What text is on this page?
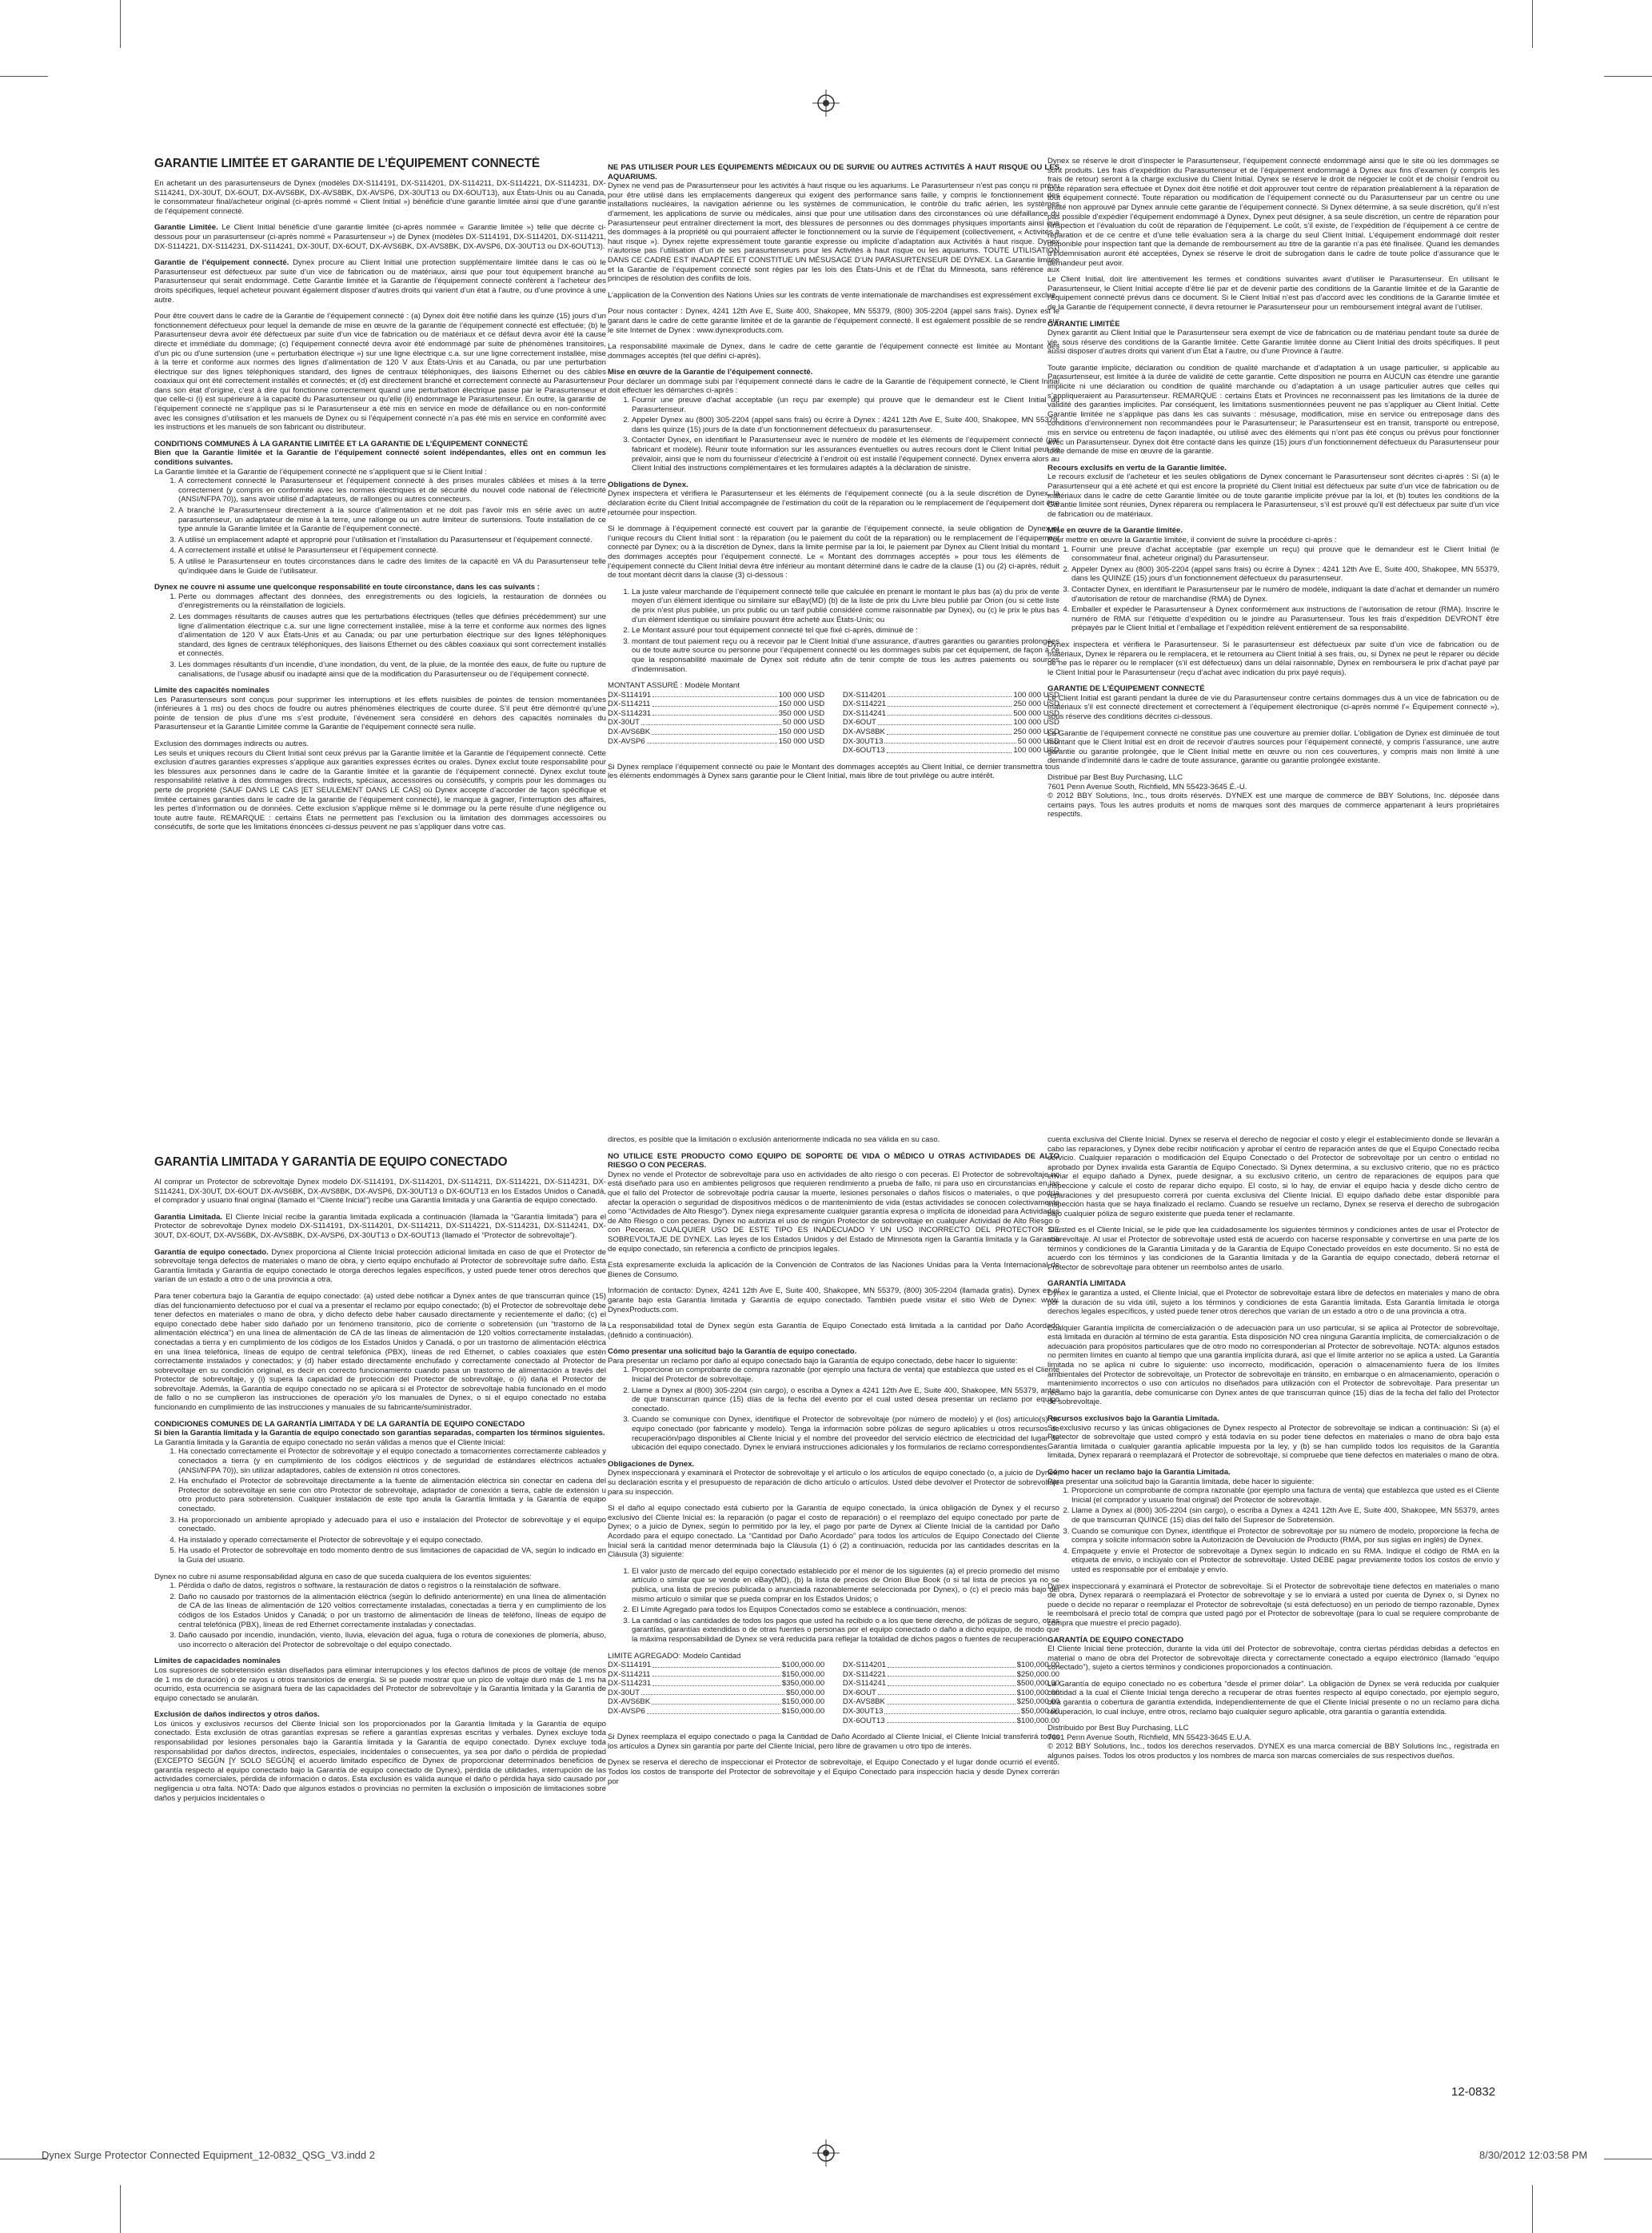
GARANTIE LIMITÉE ET GARANTIE DE L’ÉQUIPEMENT CONNECTÉ

En achetant un des parasurtenseurs de Dynex (modèles DX-S114191, DX-S114201, DX-S114211, DX-S114221, DX-S114231, DX-S114241, DX-30UT, DX-6OUT, DX-AVS6BK, DX-AVS8BK, DX-AVSP6, DX-30UT13 ou DX-6OUT13), aux États-Unis ou au Canada, le consommateur final/acheteur original (ci-après nommé « Client Initial ») bénéficie d’une garantie limitée ainsi que d’une garantie de l’équipement connecté.

Garantie Limitée. Le Client Initial bénéficie d’une garantie limitée (ci-après nommée « Garantie limitée ») telle que décrite ci-dessous pour un parasurtenseur (ci-après nommé « Parasurtenseur ») de Dynex (modèles DX-S114191, DX-S114201, DX-S114211, DX-S114221, DX-S114231, DX-S114241, DX-30UT, DX-6OUT, DX-AVS6BK, DX-AVS8BK, DX-AVSP6, DX-30UT13 ou DX-6OUT13).

Garantie de l’équipement connecté. Dynex procure au Client Initial une protection supplémentaire limitée dans le cas où le Parasurtenseur est défectueux par suite d’un vice de fabrication ou de matériaux, ainsi que pour tout équipement branché au Parasurtenseur qui serait endommagé. Cette Garantie limitée et la Garantie de l’équipement connecté confèrent à l’acheteur des droits spécifiques, lequel acheteur pouvant également disposer d’autres droits qui varient d’un état à l’autre, ou d’une province à une autre.

Pour être couvert dans le cadre de la Garantie de l’équipement connecté : (a) Dynex doit être notifié dans les quinze (15) jours d’un fonctionnement défectueux pour lequel la demande de mise en œuvre de la garantie de l’équipement connecté est effectuée; (b) le Parasurtenseur devra avoir été défectueux par suite d’un vice de fabrication ou de matériaux et ce défaut devra avoir été la cause directe et immédiate du dommage; (c) l’équipement connecté devra avoir été endommagé par suite de phénomènes transitoires, d’un pic ou d’une surtension (une « perturbation électrique ») sur une ligne électrique c.a. sur une ligne correctement installée, mise à la terre et conforme aux normes des lignes d’alimentation de 120 V aux États-Unis et au Canada, ou par une perturbation électrique sur des lignes téléphoniques standard, des lignes de centraux téléphoniques, des liaisons Ethernet ou des câbles coaxiaux qui ont été correctement installés et connectés; et (d) est directement branché et correctement connecté au Parasurtenseur dans son état d’origine, c’est à dire qui fonctionne correctement quand une perturbation électrique passe par le Parasurtenseur et que celle-ci (i) est supérieure à la capacité du Parasurtenseur ou qu’elle (ii) endommage le Parasurtenseur. En outre, la garantie de l’équipement connecté ne s’applique pas si le Parasurtenseur a été mis en service en mode de défaillance ou en non-conformité avec les consignes d’utilisation et les manuels de Dynex ou si l’équipement connecté n’a pas été mis en service en conformité avec les instructions et les manuels de son fabricant ou distributeur.

CONDITIONS COMMUNES À LA GARANTIE LIMITÉE ET LA GARANTIE DE L’ÉQUIPEMENT CONNECTÉ

Bien que la Garantie limitée et la Garantie de l’équipement connecté soient indépendantes, elles ont en commun les conditions suivantes.

La Garantie limitée et la Garantie de l’équipement connecté ne s’appliquent que si le Client Initial :

1. A correctement connecté le Parasurtenseur et l’équipement connecté à des prises murales câblées et mises à la terre correctement (y compris en conformité avec les normes électriques et de sécurité du nouvel code national de l’électricité (ANSI/NFPA 70)), sans avoir utilisé d’adaptateurs, de rallonges ou autres connecteurs.
2. A branché le Parasurtenseur directement à la source d’alimentation et ne doit pas l’avoir mis en série avec un autre parasurtenseur, un adaptateur de mise à la terre, une rallonge ou un autre limiteur de surtensions. Toute installation de ce type annule la Garantie limitée et la Garantie de l’équipement connecté.
3. A utilisé un emplacement adapté et approprié pour l’utilisation et l’installation du Parasurtenseur et l’équipement connecté.
4. A correctement installé et utilisé le Parasurtenseur et l’équipement connecté.
5. A utilisé le Parasurtenseur en toutes circonstances dans le cadre des limites de la capacité en VA du Parasurtenseur telle qu’indiquée dans le Guide de l’utilisateur.

Dynex ne couvre ni assume une quelconque responsabilité en toute circonstance, dans les cas suivants :

1. Perte ou dommages affectant des données, des enregistrements ou des logiciels, la restauration de données ou d’enregistrements ou la réinstallation de logiciels.
2. Les dommages résultants de causes autres que les perturbations électriques (telles que définies précédemment) sur une ligne d’alimentation électrique c.a. sur une ligne correctement installée, mise à la terre et conforme aux normes des lignes d’alimentation de 120 V aux États-Unis et au Canada; ou par une perturbation électrique sur des lignes téléphoniques standard, des lignes de centraux téléphoniques, des liaisons Ethernet ou des câbles coaxiaux qui sont correctement installés et connectés.
3. Les dommages résultants d’un incendie, d’une inondation, du vent, de la pluie, de la montée des eaux, de fuite ou rupture de canalisations, de l’usage abusif ou inadapté ainsi que de la modification du Parasurtenseur ou de l’équipement connecté.

Limite des capacités nominales

Les Parasurtenseurs sont conçus pour supprimer les interruptions et les effets nuisibles de pointes de tension momentanées (inférieures à 1 ms) ou des chocs de foudre ou autres phénomènes électriques de courte durée. S’il peut être démontré qu’une pointe de tension de plus d’une ms s’est produite, l’événement sera considéré en dehors des capacités nominales du Parasurtenseur et la Garantie Limitée comme la Garantie de l’équipement connecté sera nulle.

Exclusion des dommages indirects ou autres.

Les seuls et uniques recours du Client Initial sont ceux prévus par la Garantie limitée et la Garantie de l’équipement connecté. Cette exclusion d’autres garanties expresses s’applique aux garanties expresses écrites ou orales. Dynex exclut toute responsabilité pour les blessures aux personnes dans le cadre de la Garantie limitée et la garantie de l’équipement connecté. Dynex exclut toute responsabilité relative à des dommages directs, indirects, spéciaux, accessoires ou consécutifs, y compris pour les dommages ou perte de propriété (SAUF DANS LE CAS [ET SEULEMENT DANS LE CAS] où Dynex accepte d’accorder de façon spécifique et limitée certaines garanties dans le cadre de la garantie de l’équipement connecté), le manque à gagner, l’interruption des affaires, les pertes d’information ou de données. Cette exclusion s’applique même si le dommage ou la perte résulte d’une négligence ou toute autre faute. REMARQUE : certains États ne permettent pas l’exclusion ou la limitation des dommages accessoires ou consécutifs, de sorte que les limitations énoncées ci-dessus peuvent ne pas s’appliquer dans votre cas.

NE PAS UTILISER POUR LES ÉQUIPEMENTS MÉDICAUX OU DE SURVIE OU AUTRES ACTIVITÉS À HAUT RISQUE OU LES AQUARIUMS.

Dynex ne vend pas de Parasurtenseur pour les activités à haut risque ou les aquariums. Le Parasurtenseur n’est pas conçu ni prévu pour être utilisé dans les emplacements dangereux qui exigent des performance sans faille, y compris le fonctionnement des installations nucléaires, la navigation aérienne ou les systèmes de communication, le contrôle du trafic aérien, les systèmes d’armement, les applications de survie ou médicales, ainsi que pour une utilisation dans des circonstances où une défaillance du Parasurtenseur peut entraîner directement la mort, des blessures de personnes ou des dommages physiques importants ainsi que des dommages à la propriété ou qui pourraient affecter le fonctionnement ou la survie de l’équipement (collectivement, « Activités à haut risque »). Dynex rejette expressément toute garantie expresse ou implicite d’adaptation aux Activités à haut risque. Dynex n’autorise pas l’utilisation d’un de ses parasurtenseurs pour les Activités à haut risque ou les aquariums. TOUTE UTILISATION DANS CE CADRE EST INADAPTÉE ET CONSTITUE UN MÉSUSAGE D’UN PARASURTENSEUR DE DYNEX. La Garantie limitée et la Garantie de l’équipement connecté sont régies par les lois des États-Unis et de l’État du Minnesota, sans référence aux principes de résolution des conflits de lois.

L’application de la Convention des Nations Unies sur les contrats de vente internationale de marchandises est expressément exclue.

Pour nous contacter : Dynex, 4241 12th Ave E, Suite 400, Shakopee, MN 55379, (800) 305-2204 (appel sans frais). Dynex est le garant dans le cadre de cette garantie limitée et de la garantie de l’équipement connecté. Il est également possible de se rendre sur le site Internet de Dynex : www.dynexproducts.com.

La responsabilité maximale de Dynex, dans le cadre de cette garantie de l’équipement connecté est limitée au Montant des dommages acceptés (tel que défini ci-après).

Mise en œuvre de la Garantie de l’équipement connecté.

Pour déclarer un dommage subi par l’équipement connecté dans le cadre de la Garantie de l’équipement connecté, le Client Initial doit effectuer les démarches ci-après :

1. Fournir une preuve d’achat acceptable (un reçu par exemple) qui prouve que le demandeur est le Client Initial du Parasurtenseur.
2. Appeler Dynex au (800) 305-2204 (appel sans frais) ou écrire à Dynex : 4241 12th Ave E, Suite 400, Shakopee, MN 55379, dans les quinze (15) jours de la date d’un fonctionnement défectueux du parasurtenseur.
3. Contacter Dynex, en identifiant le Parasurtenseur avec le numéro de modèle et les éléments de l’équipement connecté (par fabricant et modèle). Réunir toute information sur les assurances éventuelles ou autres recours dont le Client Initial peut se prévaloir, ainsi que le nom du fournisseur d’électricité à l’endroit où est installé l’équipement connecté. Dynex enverra alors au Client Initial des instructions complémentaires et les formulaires adaptés à la déclaration de sinistre.

Obligations de Dynex.

Dynex inspectera et vérifiera le Parasurtenseur et les éléments de l’équipement connecté (ou à la seule discrétion de Dynex, la déclaration écrite du Client Initial accompagnée de l’estimation du coût de la réparation ou le remplacement de l’équipement doit être retournée pour inspection.

Si le dommage à l’équipement connecté est couvert par la garantie de l’équipement connecté, la seule obligation de Dynex et l’unique recours du Client Initial sont : la réparation (ou le paiement du coût de la réparation) ou le remplacement de l’équipement connecté par Dynex; ou à la discrétion de Dynex, dans la limite permise par la loi, le paiement par Dynex au Client Initial du montant des dommages acceptés pour l’équipement connecté. Le « Montant des dommages acceptés » pour tous les éléments de l’équipement connecté du Client Initial devra être inférieur au montant déterminé dans le cadre de la clause (1) ou (2) ci-après, réduit de tout montant décrit dans la clause (3) ci-dessous :

1. La juste valeur marchande de l’équipement connecté telle que calculée en prenant le montant le plus bas (a) du prix de vente moyen d’un élément identique ou similaire sur eBay(MD) (b) de la liste de prix du Livre bleu publié par Orion (ou si cette liste de prix n’est plus publiée, un prix public ou un tarif publié considéré comme raisonnable par Dynex), ou (c) le prix le plus bas d’un élément identique ou similaire pouvant être acheté aux États-Unis; ou
2. Le Montant assuré pour tout équipement connecté tel que fixé ci-après, diminué de :
3. montant de tout paiement reçu ou à recevoir par le Client Initial d’une assurance, d’autres garanties ou garanties prolongées ou de toute autre source ou personne pour l’équipement connecté ou les dommages subis par cet équipement, de façon à ce que la responsabilité maximale de Dynex soit réduite afin de tenir compte de tous les autres paiements ou sources d’indemnisation.

MONTANT ASSURÉ : Modèle Montant

DX-S114191	100 000 USD
DX-S114211	150 000 USD
DX-S114231	350 000 USD
DX-30UT	50 000 USD
DX-AVS6BK	150 000 USD
DX-AVSP6	150 000 USD
DX-S114201	100 000 USD
DX-S114221	250 000 USD
DX-S114241	500 000 USD
DX-6OUT	100 000 USD
DX-AVS8BK	250 000 USD
DX-30UT13	50 000 USD
DX-6OUT13	100 000 USD

Si Dynex remplace l’équipement connecté ou paie le Montant des dommages acceptés au Client Initial, ce dernier transmettra tous les éléments endommagés à Dynex sans garantie pour le Client Initial, mais libre de tout privilège ou autre intérêt.

Dynex se réserve le droit d’inspecter le Parasurtenseur, l’équipement connecté endommagé ainsi que le site où les dommages se sont produits. Les frais d’expédition du Parasurtenseur et de l’équipement endommagé à Dynex aux fins d’examen (y compris les frais de retour) seront à la charge exclusive du Client Initial. Dynex se réserve le droit de négocier le coût et de choisir l’endroit ou toute réparation sera effectuée et Dynex doit être notifié et doit approuver tout centre de réparation préalablement à la réparation de tout équipement connecté. Toute réparation ou modification de l’équipement connecté ou du Parasurtenseur par un centre ou une entité non approuvé par Dynex annule cette garantie de l’équipement connecté. Si Dynex détermine, à sa seule discrétion, qu’il n’est pas possible d’expédier l’équipement endommagé à Dynex, Dynex peut désigner, à sa seule discrétion, un centre de réparation pour l’inspection et l’évaluation du coût de réparation de l’équipement. Le coût, s’il existe, de l’expédition de l’équipement à ce centre de réparation et de ce centre et d’une telle évaluation sera à la charge du seul Client Initial. L’équipement endommagé doit rester disponible pour inspection tant que la demande de remboursement au titre de la garantie n’a pas été finalisée. Quand les demandes d’indemnisation auront été acceptées, Dynex se réserve le droit de subrogation dans le cadre de toute police d’assurance que le demandeur peut avoir.

Le Client Initial, doit lire attentivement les termes et conditions suivantes avant d’utiliser le Parasurtenseur. En utilisant le Parasurtenseur, le Client Initial accepte d’être lié par et de devenir partie des conditions de la Garantie limitée et de la Garantie de l’équipement connecté prévus dans ce document. Si le Client Initial n’est pas d’accord avec les conditions de la Garantie limitée et de la Garantie de l’équipement connecté, il devra retourner le Parasurtenseur pour un remboursement intégral avant de l’utiliser.

GARANTIE LIMITÉE

Dynex garantit au Client Initial que le Parasurtenseur sera exempt de vice de fabrication ou de matériau pendant toute sa durée de vie, sous réserve des conditions de la Garantie limitée. Cette Garantie limitée donne au Client Initial des droits spécifiques. Il peut aussi disposer d’autres droits qui varient d’un État à l’autre, ou d’une Province à l’autre.

Toute garantie implicite, déclaration ou condition de qualité marchande et d’adaptation à un usage particulier, si applicable au Parasurtenseur, est limitée à la durée de validité de cette garantie. Cette disposition ne pourra en AUCUN cas étendre une garantie implicite ni une déclaration ou condition de qualité marchande ou d’adaptation à un usage particulier autres que celles qui s’appliqueraient au Parasurtenseur. REMARQUE : certains États et Provinces ne reconnaissent pas les limitations de la durée de validité des garanties implicites. Par conséquent, les limitations susmentionnées peuvent ne pas s’appliquer au Client Initial. Cette Garantie limitée ne s’applique pas dans les cas suivants : mésusage, modification, mise en service ou entreposage dans des conditions d’environnement non recommandées pour le Parasurtenseur; le Parasurtenseur est en transit, transporté ou entreposé, mis en service ou entretenu de façon inadaptée, ou utilisé avec des éléments qui n’ont pas été conçus ou prévus pour fonctionner avec un Parasurtenseur. Dynex doit être contacté dans les quinze (15) jours d’un fonctionnement défectueux du Parasurtenseur pour toute demande de mise en œuvre de la garantie.

Recours exclusifs en vertu de la Garantie limitée.

Le recours exclusif de l’acheteur et les seules obligations de Dynex concernant le Parasurtenseur sont décrites ci-après : Si (a) le Parasurtenseur qui a été acheté et qui est encore la propriété du Client Initial est défectueux par suite d’un vice de fabrication ou de matériaux dans le cadre de cette Garantie limitée ou de toute garantie implicite prévue par la loi, et (b) toutes les conditions de la Garantie limitée sont réunies, Dynex réparera ou remplacera le Parasurtenseur, s’il est prouvé qu’il est défectueux par suite d’un vice de fabrication ou de matériaux.

Mise en œuvre de la Garantie limitée.

Pour mettre en œuvre la Garantie limitée, il convient de suivre la procédure ci-après :

1. Fournir une preuve d’achat acceptable (par exemple un reçu) qui prouve que le demandeur est le Client Initial (le consommateur final, acheteur original) du Parasurtenseur.
2. Appeler Dynex au (800) 305-2204 (appel sans frais) ou écrire à Dynex : 4241 12th Ave E, Suite 400, Shakopee, MN 55379, dans les QUINZE (15) jours d’un fonctionnement défectueux du parasurtenseur.
3. Contacter Dynex, en identifiant le Parasurtenseur par le numéro de modèle, indiquant la date d’achat et demander un numéro d’autorisation de retour de marchandise (RMA) de Dynex.
4. Emballer et expédier le Parasurtenseur à Dynex conformément aux instructions de l’autorisation de retour (RMA). Inscrire le numéro de RMA sur l’étiquette d’expédition ou le joindre au Parasurtenseur. Tous les frais d’expédition DEVRONT être prépayés par le Client Initial et l’emballage et l’expédition relèvent entièrement de sa responsabilité.

Dynex inspectera et vérifiera le Parasurtenseur. Si le parasurtenseur est défectueux par suite d’un vice de fabrication ou de matériaux, Dynex le réparera ou le remplacera, et le retournera au Client Initial à ses frais, ou, si Dynex ne peut le réparer ou décide de ne pas le réparer ou le remplacer (s’il est défectueux) dans un délai raisonnable, Dynex en remboursera le prix d’achat payé par le Client Initial pour le Parasurtenseur (reçu d’achat avec indication du prix payé requis).

GARANTIE DE L’ÉQUIPEMENT CONNECTÉ

Le Client Initial est garanti pendant la durée de vie du Parasurtenseur contre certains dommages dus à un vice de fabrication ou de matériaux s’il est connecté directement et correctement à l’équipement électronique (ci-après nommé l’« Équipement connecté »), sous réserve des conditions décrites ci-dessous.

La Garantie de l’équipement connecté ne constitue pas une couverture au premier dollar. L’obligation de Dynex est diminuée de tout montant que le Client Initial est en droit de recevoir d’autres sources pour l’équipement connecté, y compris l’assurance, une autre garantie ou garantie prolongée, que le Client Initial mette en œuvre ou non ces couvertures, y compris mais non limité à une demande d’indemnité dans le cadre de toute assurance, garantie ou garantie prolongée existante.

Distribué par Best Buy Purchasing, LLC

7601 Penn Avenue South, Richfield, MN 55423-3645 É.-U.

© 2012 BBY Solutions, Inc., tous droits réservés. DYNEX est une marque de commerce de BBY Solutions, Inc. déposée dans certains pays. Tous les autres produits et noms de marques sont des marques de commerce appartenant à leurs propriétaires respectifs.

GARANTÍA LIMITADA Y GARANTÍA DE EQUIPO CONECTADO

Al comprar un Protector de sobrevoltaje Dynex modelo DX-S114191, DX-S114201, DX-S114211, DX-S114221, DX-S114231, DX-S114241, DX-30UT, DX-6OUT DX-AVS6BK, DX-AVS8BK, DX-AVSP6, DX-30UT13 o DX-6OUT13 en los Estados Unidos o Canadá, el comprador y usuario final original (llamado el “Cliente Inicial”) recibe una Garantía limitada y una Garantía de equipo conectado.

Garantía Limitada. El Cliente Inicial recibe la garantía limitada explicada a continuación (llamada la “Garantía limitada”) para el Protector de sobrevoltaje Dynex modelo DX-S114191, DX-S114201, DX-S114211, DX-S114221, DX-S114231, DX-S114241, DX-30UT, DX-6OUT, DX-AVS6BK, DX-AVS8BK, DX-AVSP6, DX-30UT13 o DX-6OUT13 (llamado el “Protector de sobrevoltaje”).

Garantía de equipo conectado. Dynex proporciona al Cliente Inicial protección adicional limitada en caso de que el Protector de sobrevoltaje tenga defectos de materiales o mano de obra, y cierto equipo enchufado al Protector de sobrevoltaje sufre daño. Esta Garantía limitada y Garantía de equipo conectado le otorga derechos legales específicos, y usted puede tener otros derechos que varían de un estado a otro o de una provincia a otra.

Para tener cobertura bajo la Garantía de equipo conectado: (a) usted debe notificar a Dynex antes de que transcurran quince (15) días del funcionamiento defectuoso por el cual va a presentar el reclamo por equipo conectado; (b) el Protector de sobrevoltaje debe tener defectos en materiales o mano de obra, y dicho defecto debe haber causado directamente y recientemente el daño; (c) el equipo conectado debe haber sido dañado por un fenómeno transitorio, pico de corriente o sobretensión (un “trastorno de la alimentación eléctrica”) en una línea de alimentación de CA de las líneas de alimentación de 120 voltios correctamente instaladas, conectadas a tierra y en cumplimiento de los códigos de los Estados Unidos y Canadá, o por un trastorno de alimentación eléctrica en una línea telefónica, líneas de equipo de central telefónica (PBX), líneas de red Ethernet, o cables coaxiales que estén correctamente instalados y conectados; y (d) haber estado directamente enchufado y correctamente conectado al Protector de sobrevoltaje en su condición original, es decir en correcto funcionamiento cuando pasa un trastorno de alimentación a través del Protector de sobrevoltaje, y (i) supera la capacidad de protección del Protector de sobrevoltaje, o (ii) daña el Protector de sobrevoltaje. Además, la Garantía de equipo conectado no se aplicará si el Protector de sobrevoltaje había funcionado en el modo de fallo o no se cumplieron las instrucciones de operación y/o los manuales de Dynex, o si el equipo conectado no estaba funcionando en cumplimiento de las instrucciones y manuales de su fabricante/suministrador.

CONDICIONES COMUNES DE LA GARANTÍA LIMITADA Y DE LA GARANTÍA DE EQUIPO CONECTADO

Si bien la Garantía limitada y la Garantía de equipo conectado son garantías separadas, comparten los términos siguientes.

La Garantía limitada y la Garantía de equipo conectado no serán válidas a menos que el Cliente Inicial:

1. Ha conectado correctamente el Protector de sobrevoltaje y el equipo conectado a tomacorrientes correctamente cableados y conectados a tierra (y en cumplimiento de los códigos eléctricos y de seguridad de estándares eléctricos actuales (ANSI/NFPA 70)), sin utilizar adaptadores, cables de extensión ni otros conectores.
2. Ha enchufado el Protector de sobrevoltaje directamente a la fuente de alimentación eléctrica sin conectar en cadena del Protector de sobrevoltaje en serie con otro Protector de sobrevoltaje, adaptador de conexión a tierra, cable de extensión u otro producto para sobretensión. Cualquier instalación de este tipo anula la Garantía limitada y la Garantía de equipo conectado.
3. Ha proporcionado un ambiente apropiado y adecuado para el uso e instalación del Protector de sobrevoltaje y el equipo conectado.
4. Ha instalado y operado correctamente el Protector de sobrevoltaje y el equipo conectado.
5. Ha usado el Protector de sobrevoltaje en todo momento dentro de sus limitaciones de capacidad de VA, según lo indicado en la Guía del usuario.

Dynex no cubre ni asume responsabilidad alguna en caso de que suceda cualquiera de los eventos siguientes:

1. Pérdida o daño de datos, registros o software, la restauración de datos o registros o la reinstalación de software.
2. Daño no causado por trastornos de la alimentación eléctrica (según lo definido anteriormente) en una línea de alimentación de CA de las líneas de alimentación de 120 voltios correctamente instaladas, conectadas a tierra y en cumplimiento de los códigos de los Estados Unidos y Canadá; o por un trastorno de alimentación de líneas de teléfono, líneas de equipo de central telefónica (PBX), líneas de red Ethernet correctamente instaladas y conectadas.
3. Daño causado por incendio, inundación, viento, lluvia, elevación del agua, fuga o rotura de conexiones de plomería, abuso, uso incorrecto o alteración del Protector de sobrevoltaje o del equipo conectado.

Límites de capacidades nominales

Los supresores de sobretensión están diseñados para eliminar interrupciones y los efectos dañinos de picos de voltaje (de menos de 1 ms de duración) o de rayos u otros transitorios de energía. Si se puede mostrar que un pico de voltaje duró más de 1 ms ha ocurrido, esta ocurrencia se asignará fuera de las capacidades del Protector de sobrevoltaje y la Garantía limitada y la Garantía de equipo conectado se anularán.

Exclusión de daños indirectos y otros daños.

Los únicos y exclusivos recursos del Cliente Inicial son los proporcionados por la Garantía limitada y la Garantía de equipo conectado. Esta exclusión de otras garantías expresas se refiere a garantías expresas escritas y verbales. Dynex excluye toda responsabilidad por lesiones personales bajo la Garantía limitada y la Garantía de equipo conectado. Dynex excluye toda responsabilidad por daños directos, indirectos, especiales, incidentales o consecuentes, ya sea por daño o pérdida de propiedad (EXCEPTO SEGÚN [Y SOLO SEGÚN] el acuerdo limitado específico de Dynex de proporcionar determinados beneficios de garantía respecto al equipo conectado bajo la Garantía de equipo conectado de Dynex), pérdida de utilidades, interrupción de las actividades comerciales, pérdida de información o datos. Esta exclusión es válida aunque el daño o pérdida haya sido causado por negligencia u otra falta. NOTA: Dado que algunos estados o provincias no permiten la exclusión o imposición de limitaciones sobre daños y perjuicios incidentales o

directos, es posible que la limitación o exclusión anteriormente indicada no sea válida en su caso.

NO UTILICE ESTE PRODUCTO COMO EQUIPO DE SOPORTE DE VIDA O MÉDICO U OTRAS ACTIVIDADES DE ALTO RIESGO O CON PECERAS.

Dynex no vende el Protector de sobrevoltaje para uso en actividades de alto riesgo o con peceras. El Protector de sobrevoltaje no está diseñado para uso en ambientes peligrosos que requieren rendimiento a prueba de fallo, ni para uso en circunstancias en las que el fallo del Protector de sobrevoltaje podría causar la muerte, lesiones personales o daños físicos o materiales, o que podría afectar la operación o seguridad de dispositivos médicos o de mantenimiento de vida (estas actividades se conocen colectivamente como “Actividades de Alto Riesgo”). Dynex niega expresamente cualquier garantía expresa o implícita de idoneidad para Actividades de Alto Riesgo o con peceras. Dynex no autoriza el uso de ningún Protector de sobrevoltaje en cualquier Actividad de Alto Riesgo o con Peceras. CUALQUIER USO DE ESTE TIPO ES INADECUADO Y UN USO INCORRECTO DEL PROTECTOR DE SOBREVOLTAJE DE DYNEX. Las leyes de los Estados Unidos y del Estado de Minnesota rigen la Garantía limitada y la Garantía de equipo conectado, sin referencia a conflicto de principios legales.

Está expresamente excluida la aplicación de la Convención de Contratos de las Naciones Unidas para la Venta Internacional de Bienes de Consumo.

Información de contacto: Dynex, 4241 12th Ave E, Suite 400, Shakopee, MN 55379, (800) 305-2204 (llamada gratis). Dynex es el garante bajo esta Garantía limitada y Garantía de equipo conectado. También puede visitar el sitio Web de Dynex: www. DynexProducts.com.

La responsabilidad total de Dynex según esta Garantía de Equipo Conectado está limitada a la cantidad por Daño Acordado (definido a continuación).

Cómo presentar una solicitud bajo la Garantía de equipo conectado.

Para presentar un reclamo por daño al equipo conectado bajo la Garantía de equipo conectado, debe hacer lo siguiente:

1. Proporcione un comprobante de compra razonable (por ejemplo una factura de venta) que establezca que usted es el Cliente Inicial del Protector de sobrevoltaje.
2. Llame a Dynex al (800) 305-2204 (sin cargo), o escriba a Dynex a 4241 12th Ave E, Suite 400, Shakopee, MN 55379, antes de que transcurran quince (15) días de la fecha del evento por el cual usted desea presentar un reclamo por equipo conectado.
3. Cuando se comunique con Dynex, identifique el Protector de sobrevoltaje (por número de modelo) y el (los) artículo(s) de equipo conectado (por fabricante y modelo). Tenga la información sobre pólizas de seguro aplicables u otros recursos de recuperación/pago disponibles al Cliente Inicial y el nombre del proveedor del servicio eléctrico de electricidad del lugar de ubicación del equipo conectado. Dynex le enviará instrucciones adicionales y los formularios de reclamo correspondientes.

Obligaciones de Dynex.

Dynex inspeccionará y examinará el Protector de sobrevoltaje y el artículo o los artículos de equipo conectado (o, a juicio de Dynex, su declaración escrita y el presupuesto de reparación de dicho artículo o artículos. Usted debe devolver el Protector de sobrevoltaje para su inspección.

Si el daño al equipo conectado está cubierto por la Garantía de equipo conectado, la única obligación de Dynex y el recurso exclusivo del Cliente Inicial es: la reparación (o pagar el costo de reparación) o el reemplazo del equipo conectado por parte de Dynex; o a juicio de Dynex, según lo permitido por la ley, el pago por parte de Dynex al Cliente Inicial de la cantidad por Daño Acordado para el equipo conectado. La “Cantidad por Daño Acordado” para todos los artículos de Equipo Conectado del Cliente Inicial será la cantidad menor determinada bajo la Cláusula (1) ó (2) a continuación, reducida por las cantidades descritas en la Cláusula (3) siguiente:

1. El valor justo de mercado del equipo conectado establecido por el menor de los siguientes (a) el precio promedio del mismo artículo o similar que se vende en eBay(MD), (b) la lista de precios de Orion Blue Book (o si tal lista de precios ya no se publica, una lista de precios publicada o anunciada razonablemente seleccionada por Dynex), o (c) el precio más bajo del mismo artículo o similar que se pueda comprar en los Estados Unidos; o
2. El Límite Agregado para todos los Equipos Conectados como se establece a continuación, menos:
3. La cantidad o las cantidades de todos los pagos que usted ha recibido o a los que tiene derecho, de pólizas de seguro, otras garantías, garantías extendidas o de otras fuentes o personas por el equipo conectado o daño a dicho equipo, de modo que la máxima responsabilidad de Dynex se verá reducida para reflejar la totalidad de dichos pagos o fuentes de recuperación.

LIMITE AGREGADO: Modelo Cantidad

DX-S114191	$100,000.00
DX-S114211	$150,000.00
DX-S114231	$350,000.00
DX-30UT	$50,000.00
DX-AVS6BK	$150,000.00
DX-AVSP6	$150,000.00
DX-S114201	$100,000.00
DX-S114221	$250,000.00
DX-S114241	$500,000.00
DX-6OUT	$100,000.00
DX-AVS8BK	$250,000.00
DX-30UT13	$50,000.00
DX-6OUT13	$100,000.00

Si Dynex reemplaza el equipo conectado o paga la Cantidad de Daño Acordado al Cliente Inicial, el Cliente Inicial transferirá todos los artículos a Dynex sin garantía por parte del Cliente Inicial, pero libre de gravamen u otro tipo de interés.

Dynex se reserva el derecho de inspeccionar el Protector de sobrevoltaje, el Equipo Conectado y el lugar donde ocurrió el evento. Todos los costos de transporte del Protector de sobrevoltaje y el Equipo Conectado para inspección hacia y desde Dynex correrán por

cuenta exclusiva del Cliente Inicial. Dynex se reserva el derecho de negociar el costo y elegir el establecimiento donde se llevarán a cabo las reparaciones, y Dynex debe recibir notificación y aprobar el centro de reparación antes de que el Equipo Conectado reciba servicio. Cualquier reparación o modificación del Equipo Conectado o del Protector de sobrevoltaje por un centro o entidad no aprobado por Dynex invalida esta Garantía de Equipo Conectado. Si Dynex determina, a su exclusivo criterio, que no es práctico enviar el equipo dañado a Dynex, puede designar, a su exclusivo criterio, un centro de reparaciones de equipos para que inspeccione y calcule el costo de reparar dicho equipo. El costo, si lo hay, de enviar el equipo hacia y desde dicho centro de reparaciones y del presupuesto correrá por cuenta exclusiva del Cliente Inicial. El equipo dañado debe estar disponible para inspección hasta que se haya finalizado el reclamo. Cuando se resuelve un reclamo, Dynex se reserva el derecho de subrogación bajo cualquier póliza de seguro existente que pueda tener el reclamante.

Si usted es el Cliente Inicial, se le pide que lea cuidadosamente los siguientes términos y condiciones antes de usar el Protector de sobrevoltaje. Al usar el Protector de sobrevoltaje usted está de acuerdo con hacerse responsable y convertirse en una parte de los términos y condiciones de la Garantía Limitada y de la Garantía de Equipo Conectado proveídos en este documento. Si no está de acuerdo con los términos y las condiciones de la Garantía limitada y de la Garantía de equipo conectado, deberá retornar el Protector de sobrevoltaje para obtener un reembolso antes de usarlo.

GARANTÍA LIMITADA

Dynex le garantiza a usted, el Cliente Inicial, que el Protector de sobrevoltaje estará libre de defectos en materiales y mano de obra por la duración de su vida útil, sujeto a los términos y condiciones de esta Garantía limitada. Esta Garantía limitada le otorga derechos legales específicos, y usted puede tener otros derechos que varían de un estado a otro o de una provincia a otra.

Cualquier Garantía implícita de comercialización o de adecuación para un uso particular, si se aplica al Protector de sobrevoltaje, está limitada en duración al término de esta garantía. Esta disposición NO crea ninguna Garantía implícita, de comercialización o de adecuación para propósitos particulares que de otro modo no corresponderían al Protector de sobrevoltaje. NOTA: algunos estados no permiten límites en cuanto al tiempo que una garantía implícita durará, así que el límite anterior no se aplica a usted. La Garantía limitada no se aplica ni cubre lo siguiente: uso incorrecto, modificación, operación o almacenamiento fuera de los límites ambientales del Protector de sobrevoltaje, un Protector de sobrevoltaje en tránsito, en embarque o en almacenamiento, operación o mantenimiento incorrectos o uso con artículos no diseñados para utilización con el Protector de sobrevoltaje. Para presentar un reclamo bajo la garantía, debe comunicarse con Dynex antes de que transcurran quince (15) días de la fecha del fallo del Protector de sobrevoltaje.

Recursos exclusivos bajo la Garantía Limitada.

Su exclusivo recurso y las únicas obligaciones de Dynex respecto al Protector de sobrevoltaje se indican a continuación: Si (a) el Protector de sobrevoltaje que usted compró y está todavía en su poder tiene defectos en materiales o mano de obra bajo esta Garantía limitada o cualquier garantía aplicable impuesta por la ley, y (b) se han cumplido todos los requisitos de la Garantía limitada, Dynex reparará o reemplazará el Protector de sobrevoltaje, si compruebe que tiene defectos en materiales o mano de obra.

Cómo hacer un reclamo bajo la Garantía Limitada.

Para presentar una solicitud bajo la Garantía limitada, debe hacer lo siguiente:

1. Proporcione un comprobante de compra razonable (por ejemplo una factura de venta) que establezca que usted es el Cliente Inicial (el comprador y usuario final original) del Protector de sobrevoltaje.
2. Llame a Dynex al (800) 305-2204 (sin cargo), o escriba a Dynex a 4241 12th Ave E, Suite 400, Shakopee, MN 55379, antes de que transcurran QUINCE (15) días del fallo del Supresor de Sobretensión.
3. Cuando se comunique con Dynex, identifique el Protector de sobrevoltaje por su número de modelo, proporcione la fecha de compra y solicite información sobre la Autorización de Devolución de Producto (RMA, por sus siglas en inglés) de Dynex.
4. Empaquete y envíe el Protector de sobrevoltaje a Dynex según lo indicado en su RMA. Indique el código de RMA en la etiqueta de envío, o inclúyalo con el Protector de sobrevoltaje. Usted DEBE pagar previamente todos los costos de envío y usted es responsable por el embalaje y envío.

Dynex inspeccionará y examinará el Protector de sobrevoltaje. Si el Protector de sobrevoltaje tiene defectos en materiales o mano de obra, Dynex reparará o reemplazará el Protector de sobrevoltaje y se lo enviará a usted por cuenta de Dynex o, si Dynex no puede o decide no reparar o reemplazar el Protector de sobrevoltaje (si está defectuoso) en un periodo de tiempo razonable, Dynex le reembolsará el precio total de compra que usted pagó por el Protector de sobrevoltaje (para lo cual se requiere comprobante de compra que muestre el precio pagado).

GARANTÍA DE EQUIPO CONECTADO

El Cliente Inicial tiene protección, durante la vida útil del Protector de sobrevoltaje, contra ciertas pérdidas debidas a defectos en material o mano de obra del Protector de sobrevoltaje directa y correctamente conectado a equipo electrónico (llamado “equipo conectado”), sujeto a ciertos términos y condiciones proporcionados a continuación.

La Garantía de equipo conectado no es cobertura “desde el primer dólar”. La obligación de Dynex se verá reducida por cualquier cantidad a la cual el Cliente Inicial tenga derecho a recuperar de otras fuentes respecto al equipo conectado, por ejemplo seguro, otra garantía o cobertura de garantía extendida, independientemente de que el Cliente Inicial presente o no un reclamo para dicha recuperación, lo cual incluye, entre otros, reclamo bajo cualquier seguro aplicable, otra garantía o garantía extendida.

Distribuido por Best Buy Purchasing, LLC

7601 Penn Avenue South, Richfield, MN 55423-3645 E.U.A.

© 2012 BBY Solutions, Inc., todos los derechos reservados. DYNEX es una marca comercial de BBY Solutions Inc., registrada en algunos países. Todos los otros productos y los nombres de marca son marcas comerciales de sus respectivos dueños.

12-0832
Dynex Surge Protector Connected Equipment_12-0832_QSG_V3.indd 2	8/30/2012 12:03:58 PM
